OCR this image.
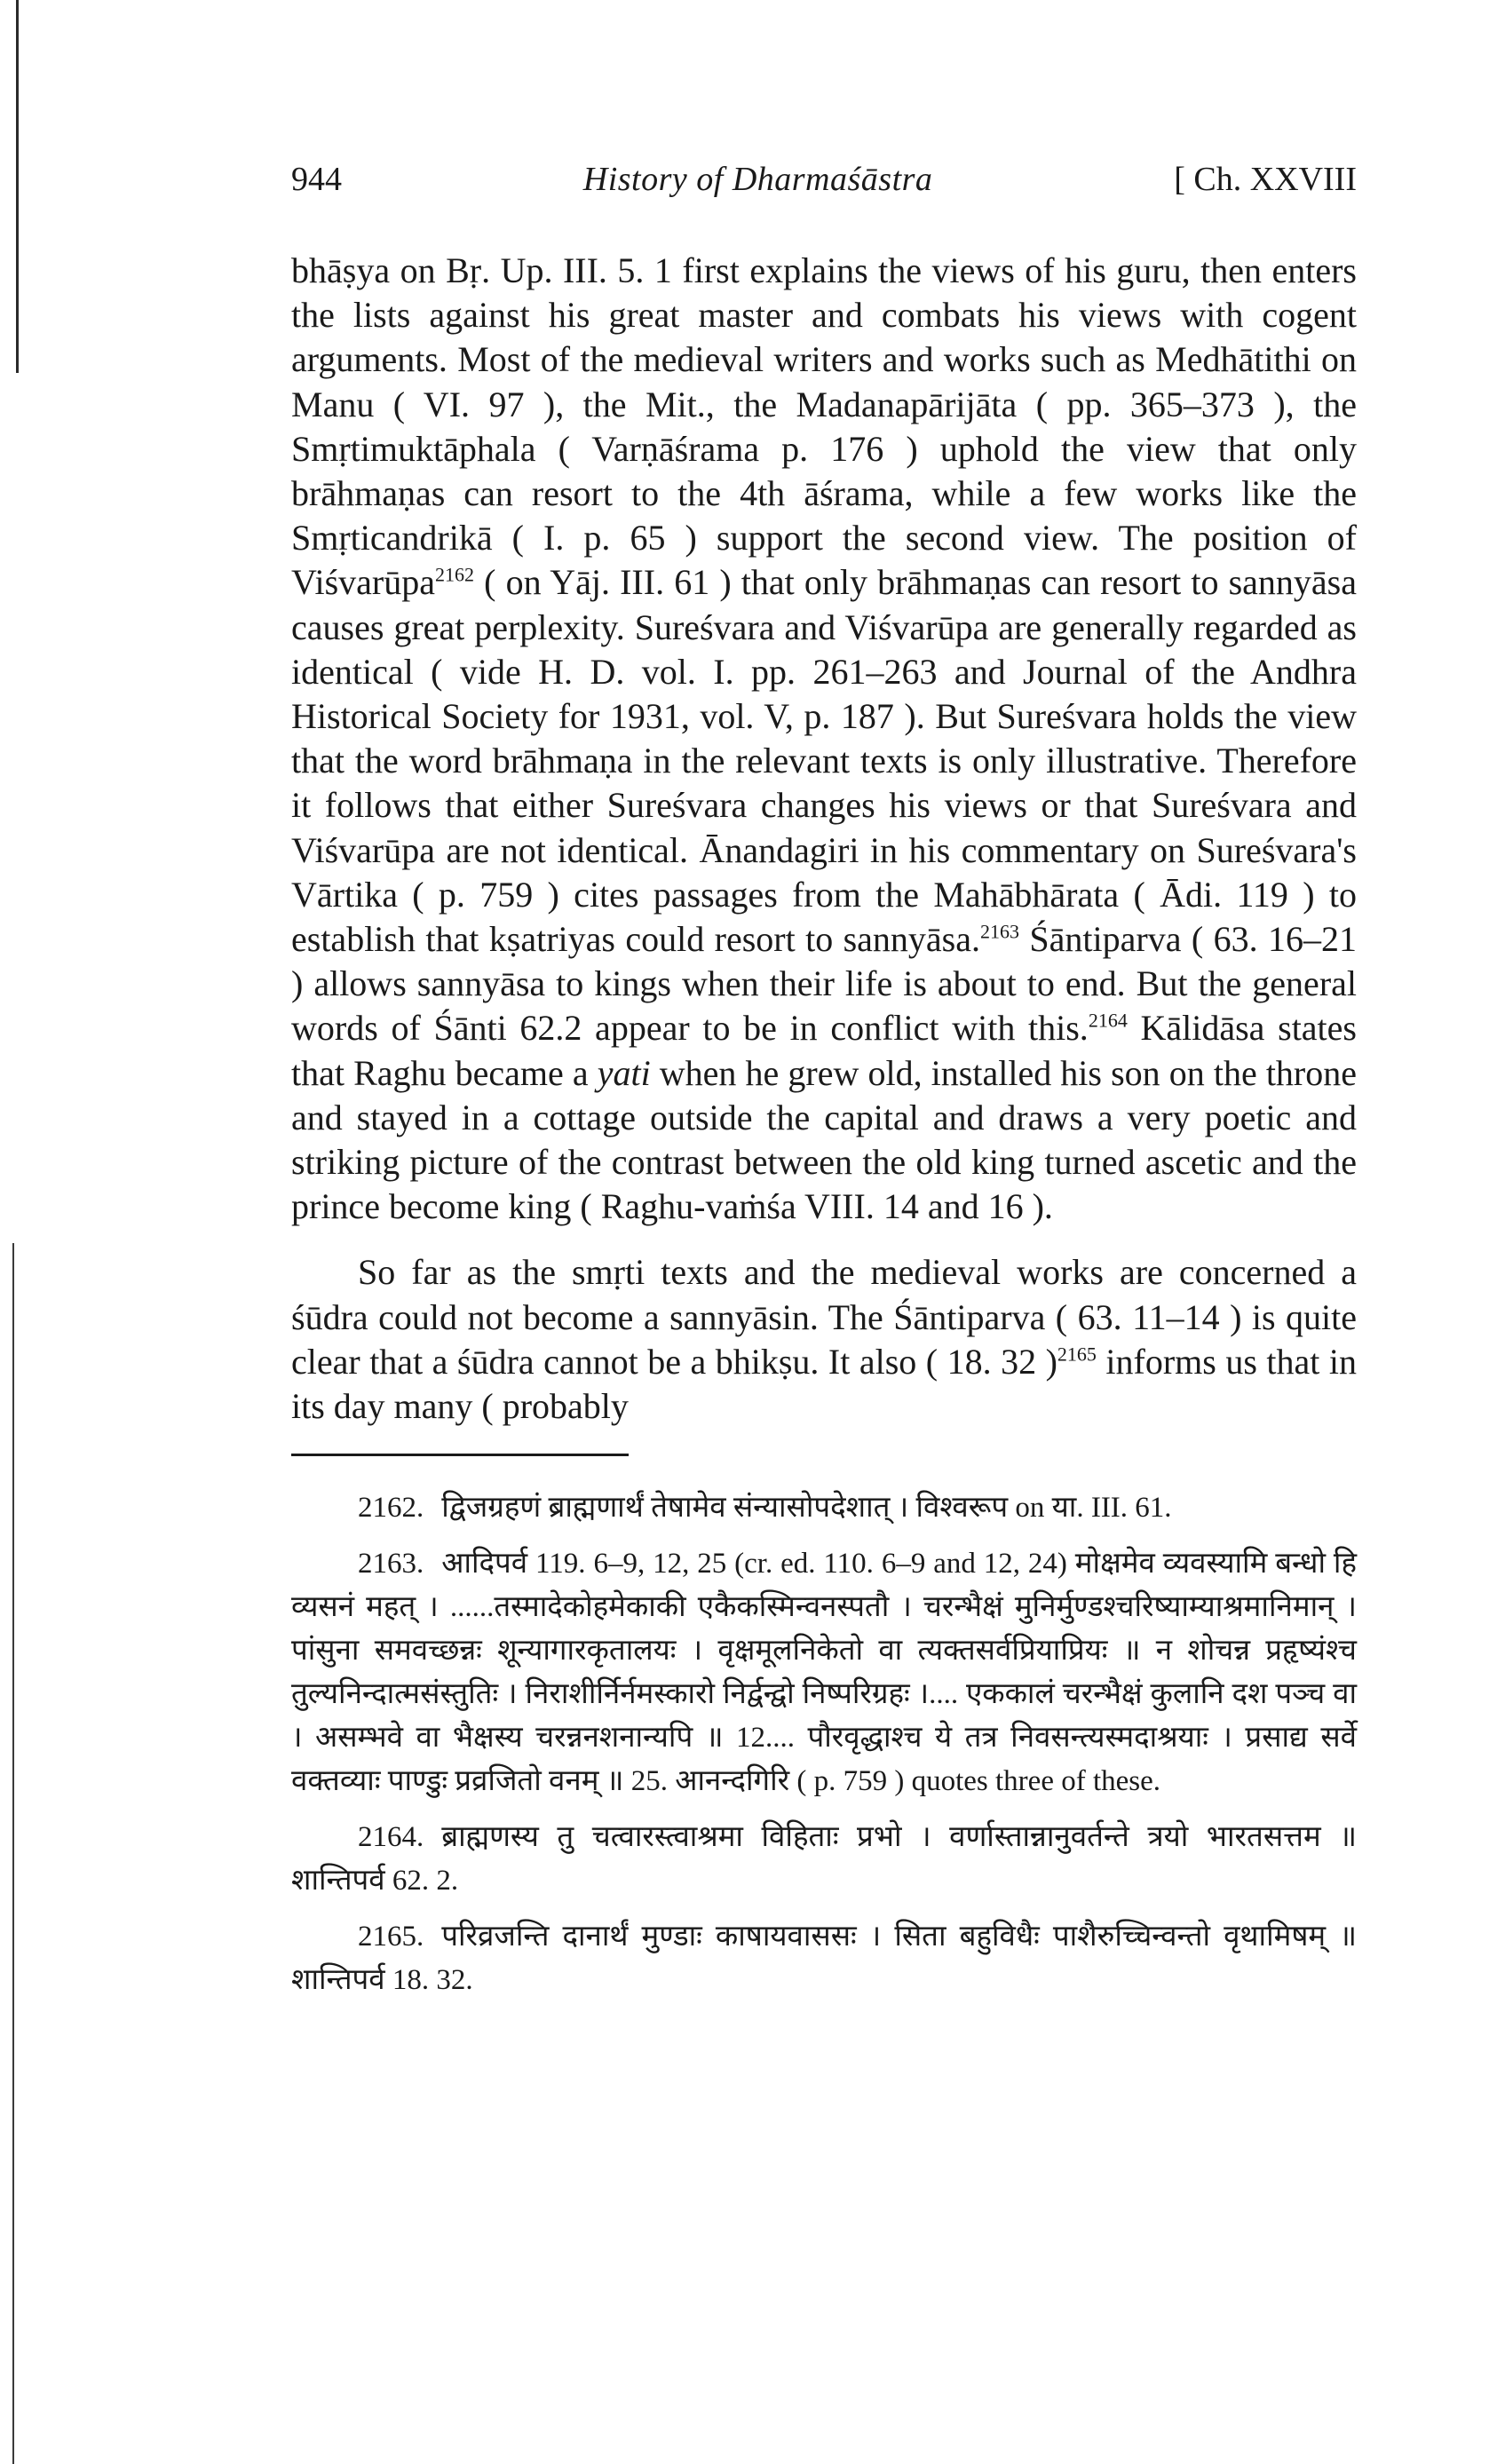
944	History of Dharmaśāstra	[ Ch. XXVIII

bhāṣya on Bṛ. Up. III. 5. 1 first explains the views of his guru, then enters the lists against his great master and combats his views with cogent arguments. Most of the medieval writers and works such as Medhātithi on Manu ( VI. 97 ), the Mit., the Madanapārijāta ( pp. 365–373 ), the Smṛtimuktāphala ( Varṇāśrama p. 176 ) uphold the view that only brāhmaṇas can resort to the 4th āśrama, while a few works like the Smṛticandrikā ( I. p. 65 ) support the second view. The position of Viśvarūpa$^{2162}$ ( on Yāj. III. 61 ) that only brāhmaṇas can resort to sannyāsa causes great perplexity. Sureśvara and Viśvarūpa are generally regarded as identical ( vide H. D. vol. I. pp. 261–263 and Journal of the Andhra Historical Society for 1931, vol. V, p. 187 ). But Sureśvara holds the view that the word brāhmaṇa in the relevant texts is only illustrative. Therefore it follows that either Sureśvara changes his views or that Sureśvara and Viśvarūpa are not identical. Ānandagiri in his commentary on Sureśvara's Vārtika ( p. 759 ) cites passages from the Mahābhārata ( Ādi. 119 ) to establish that kṣatriyas could resort to sannyāsa.$^{2163}$ Śāntiparva ( 63. 16–21 ) allows sannyāsa to kings when their life is about to end. But the general words of Śānti 62.2 appear to be in conflict with this.$^{2164}$ Kālidāsa states that Raghu became a yati when he grew old, installed his son on the throne and stayed in a cottage outside the capital and draws a very poetic and striking picture of the contrast between the old king turned ascetic and the prince become king ( Raghu-vaṁśa VIII. 14 and 16 ).

So far as the smṛti texts and the medieval works are concerned a śūdra could not become a sannyāsin. The Śāntiparva ( 63. 11–14 ) is quite clear that a śūdra cannot be a bhikṣu. It also ( 18. 32 )$^{2165}$ informs us that in its day many ( probably

2162. द्विजग्रहणं ब्राह्मणार्थं तेषामेव संन्यासोपदेशात् । विश्वरूप on या. III. 61.

2163. आदिपर्व 119. 6–9, 12, 25 (cr. ed. 110. 6–9 and 12, 24) मोक्षमेव व्यवस्यामि बन्धो हि व्यसनं महत् । ......तस्मादेकोहमेकाकी एकैकस्मिन्वनस्पतौ । चरन्भैक्षं मुनिर्मुण्डश्चरिष्याम्याश्रमानिमान् । पांसुना समवच्छन्नः शून्यागारकृतालयः । वृक्षमूलनिकेतो वा त्यक्तसर्वप्रियाप्रियः ॥ न शोचन्न प्रहृष्यंश्च तुल्यनिन्दात्मसंस्तुतिः । निराशीर्निर्नमस्कारो निर्द्वन्द्वो निष्परिग्रहः ।.... एककालं चरन्भैक्षं कुलानि दश पञ्च वा । असम्भवे वा भैक्षस्य चरन्ननशनान्यपि ॥ 12.... पौरवृद्धाश्च ये तत्र निवसन्त्यस्मदाश्रयाः । प्रसाद्य सर्वे वक्तव्याः पाण्डुः प्रव्रजितो वनम् ॥ 25. आनन्दगिरि ( p. 759 ) quotes three of these.

2164. ब्राह्मणस्य तु चत्वारस्त्वाश्रमा विहिताः प्रभो । वर्णास्तान्नानुवर्तन्ते त्रयो भारतसत्तम ॥ शान्तिपर्व 62. 2.

2165. परिव्रजन्ति दानार्थं मुण्डाः काषायवाससः । सिता बहुविधैः पाशैरुच्चिन्वन्तो वृथामिषम् ॥ शान्तिपर्व 18. 32.
